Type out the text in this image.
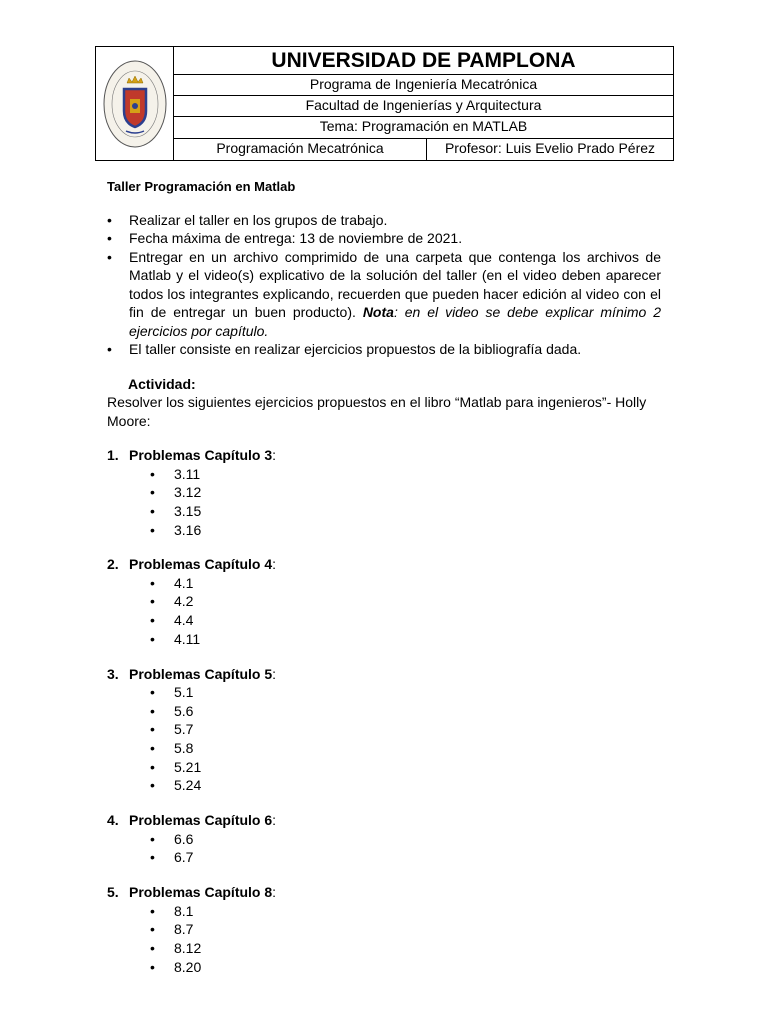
UNIVERSIDAD DE PAMPLONA
Programa de Ingeniería Mecatrónica
Facultad de Ingenierías y Arquitectura
Tema: Programación en MATLAB
Programación Mecatrónica	Profesor: Luis Evelio Prado Pérez

Taller Programación en Matlab

• Realizar el taller en los grupos de trabajo.
• Fecha máxima de entrega: 13 de noviembre de 2021.
• Entregar en un archivo comprimido de una carpeta que contenga los archivos de Matlab y el video(s) explicativo de la solución del taller (en el video deben aparecer todos los integrantes explicando, recuerden que pueden hacer edición al video con el fin de entregar un buen producto). Nota: en el video se debe explicar mínimo 2 ejercicios por capítulo.
• El taller consiste en realizar ejercicios propuestos de la bibliografía dada.

Actividad:

Resolver los siguientes ejercicios propuestos en el libro “Matlab para ingenieros”- Holly Moore:

1. Problemas Capítulo 3:
• 3.11
• 3.12
• 3.15
• 3.16
2. Problemas Capítulo 4:
• 4.1
• 4.2
• 4.4
• 4.11
3. Problemas Capítulo 5:
• 5.1
• 5.6
• 5.7
• 5.8
• 5.21
• 5.24
4. Problemas Capítulo 6:
• 6.6
• 6.7
5. Problemas Capítulo 8:
• 8.1
• 8.7
• 8.12
• 8.20
